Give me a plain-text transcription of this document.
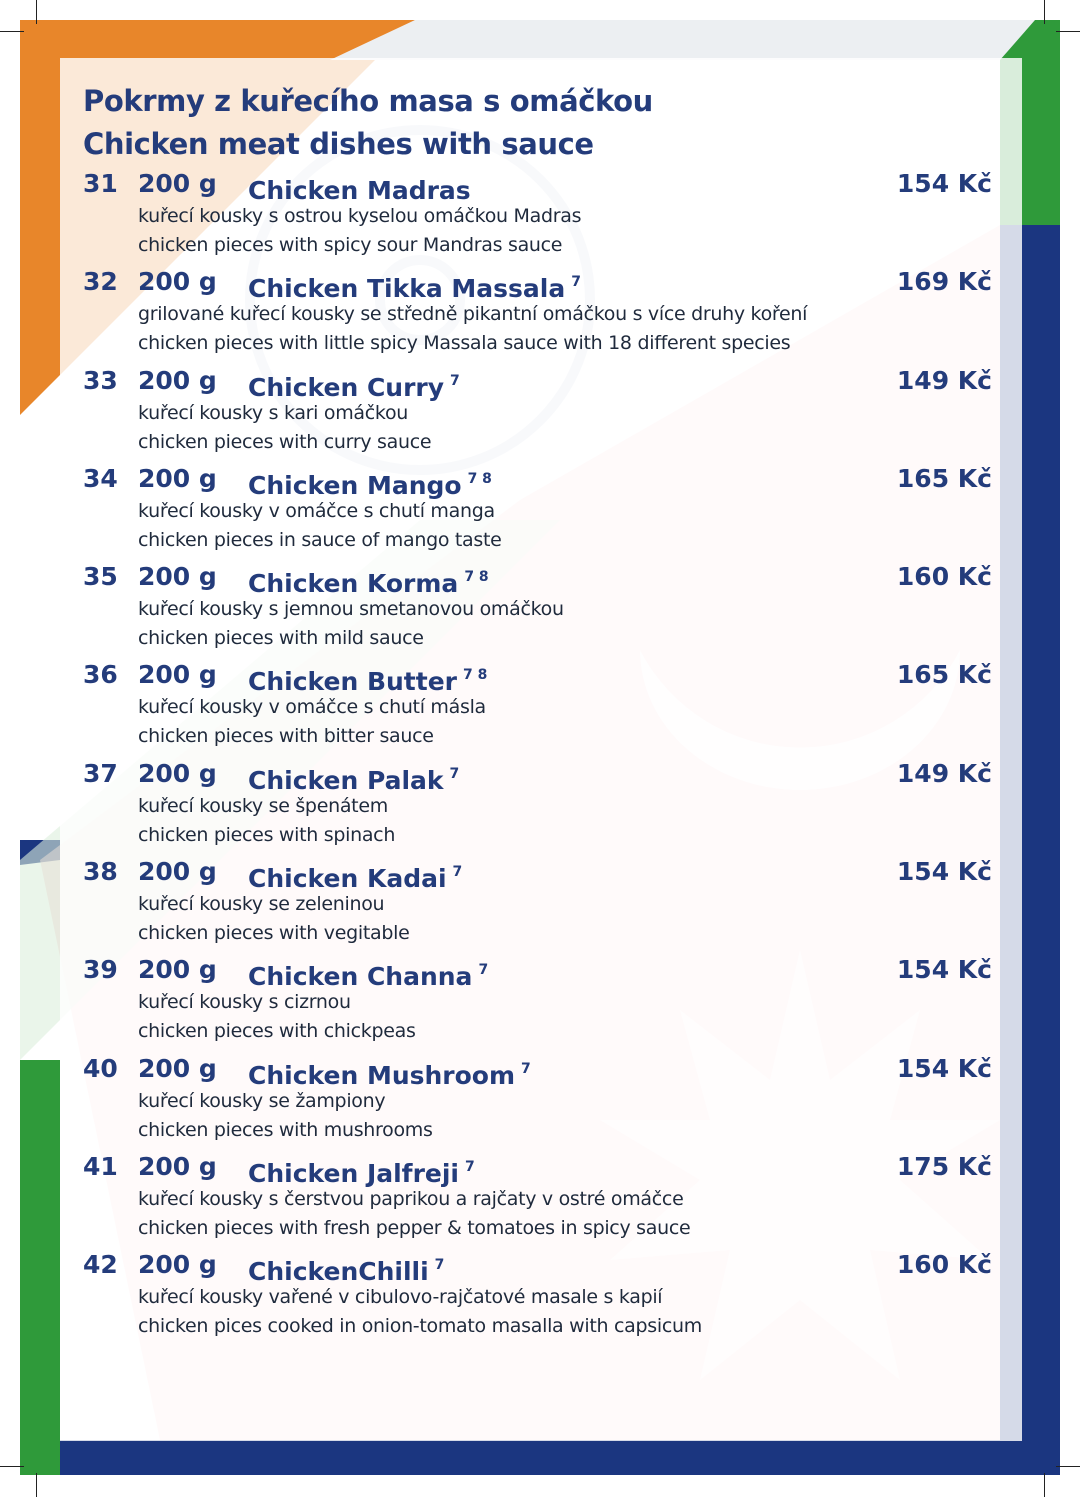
Pokrmy z kuřecího masa s omáčkou
Chicken meat dishes with sauce
31 200 g Chicken Madras	154 Kč
kuřecí kousky s ostrou kyselou omáčkou Madras
chicken pieces with spicy sour Mandras sauce
32 200 g Chicken Tikka Massala $^7$	169 Kč
grilované kuřecí kousky se středně pikantní omáčkou s více druhy koření
chicken pieces with little spicy Massala sauce with 18 different species
33 200 g Chicken Curry $^7$	149 Kč
kuřecí kousky s kari omáčkou
chicken pieces with curry sauce
34 200 g Chicken Mango $^{7 8}$	165 Kč
kuřecí kousky v omáčce s chutí manga
chicken pieces in sauce of mango taste
35 200 g Chicken Korma $^{7 8}$	160 Kč
kuřecí kousky s jemnou smetanovou omáčkou
chicken pieces with mild sauce
36 200 g Chicken Butter $^{7 8}$	165 Kč
kuřecí kousky v omáčce s chutí másla
chicken pieces with bitter sauce
37 200 g Chicken Palak $^7$	149 Kč
kuřecí kousky se špenátem
chicken pieces with spinach
38 200 g Chicken Kadai $^7$	154 Kč
kuřecí kousky se zeleninou
chicken pieces with vegitable
39 200 g Chicken Channa $^7$	154 Kč
kuřecí kousky s cizrnou
chicken pieces with chickpeas
40 200 g Chicken Mushroom $^7$	154 Kč
kuřecí kousky se žampiony
chicken pieces with mushrooms
41 200 g Chicken Jalfreji $^7$	175 Kč
kuřecí kousky s čerstvou paprikou a rajčaty v ostré omáčce
chicken pieces with fresh pepper & tomatoes in spicy sauce
42 200 g ChickenChilli $^7$	160 Kč
kuřecí kousky vařené v cibulovo-rajčatové masale s kapií
chicken pices cooked in onion-tomato masalla with capsicum
